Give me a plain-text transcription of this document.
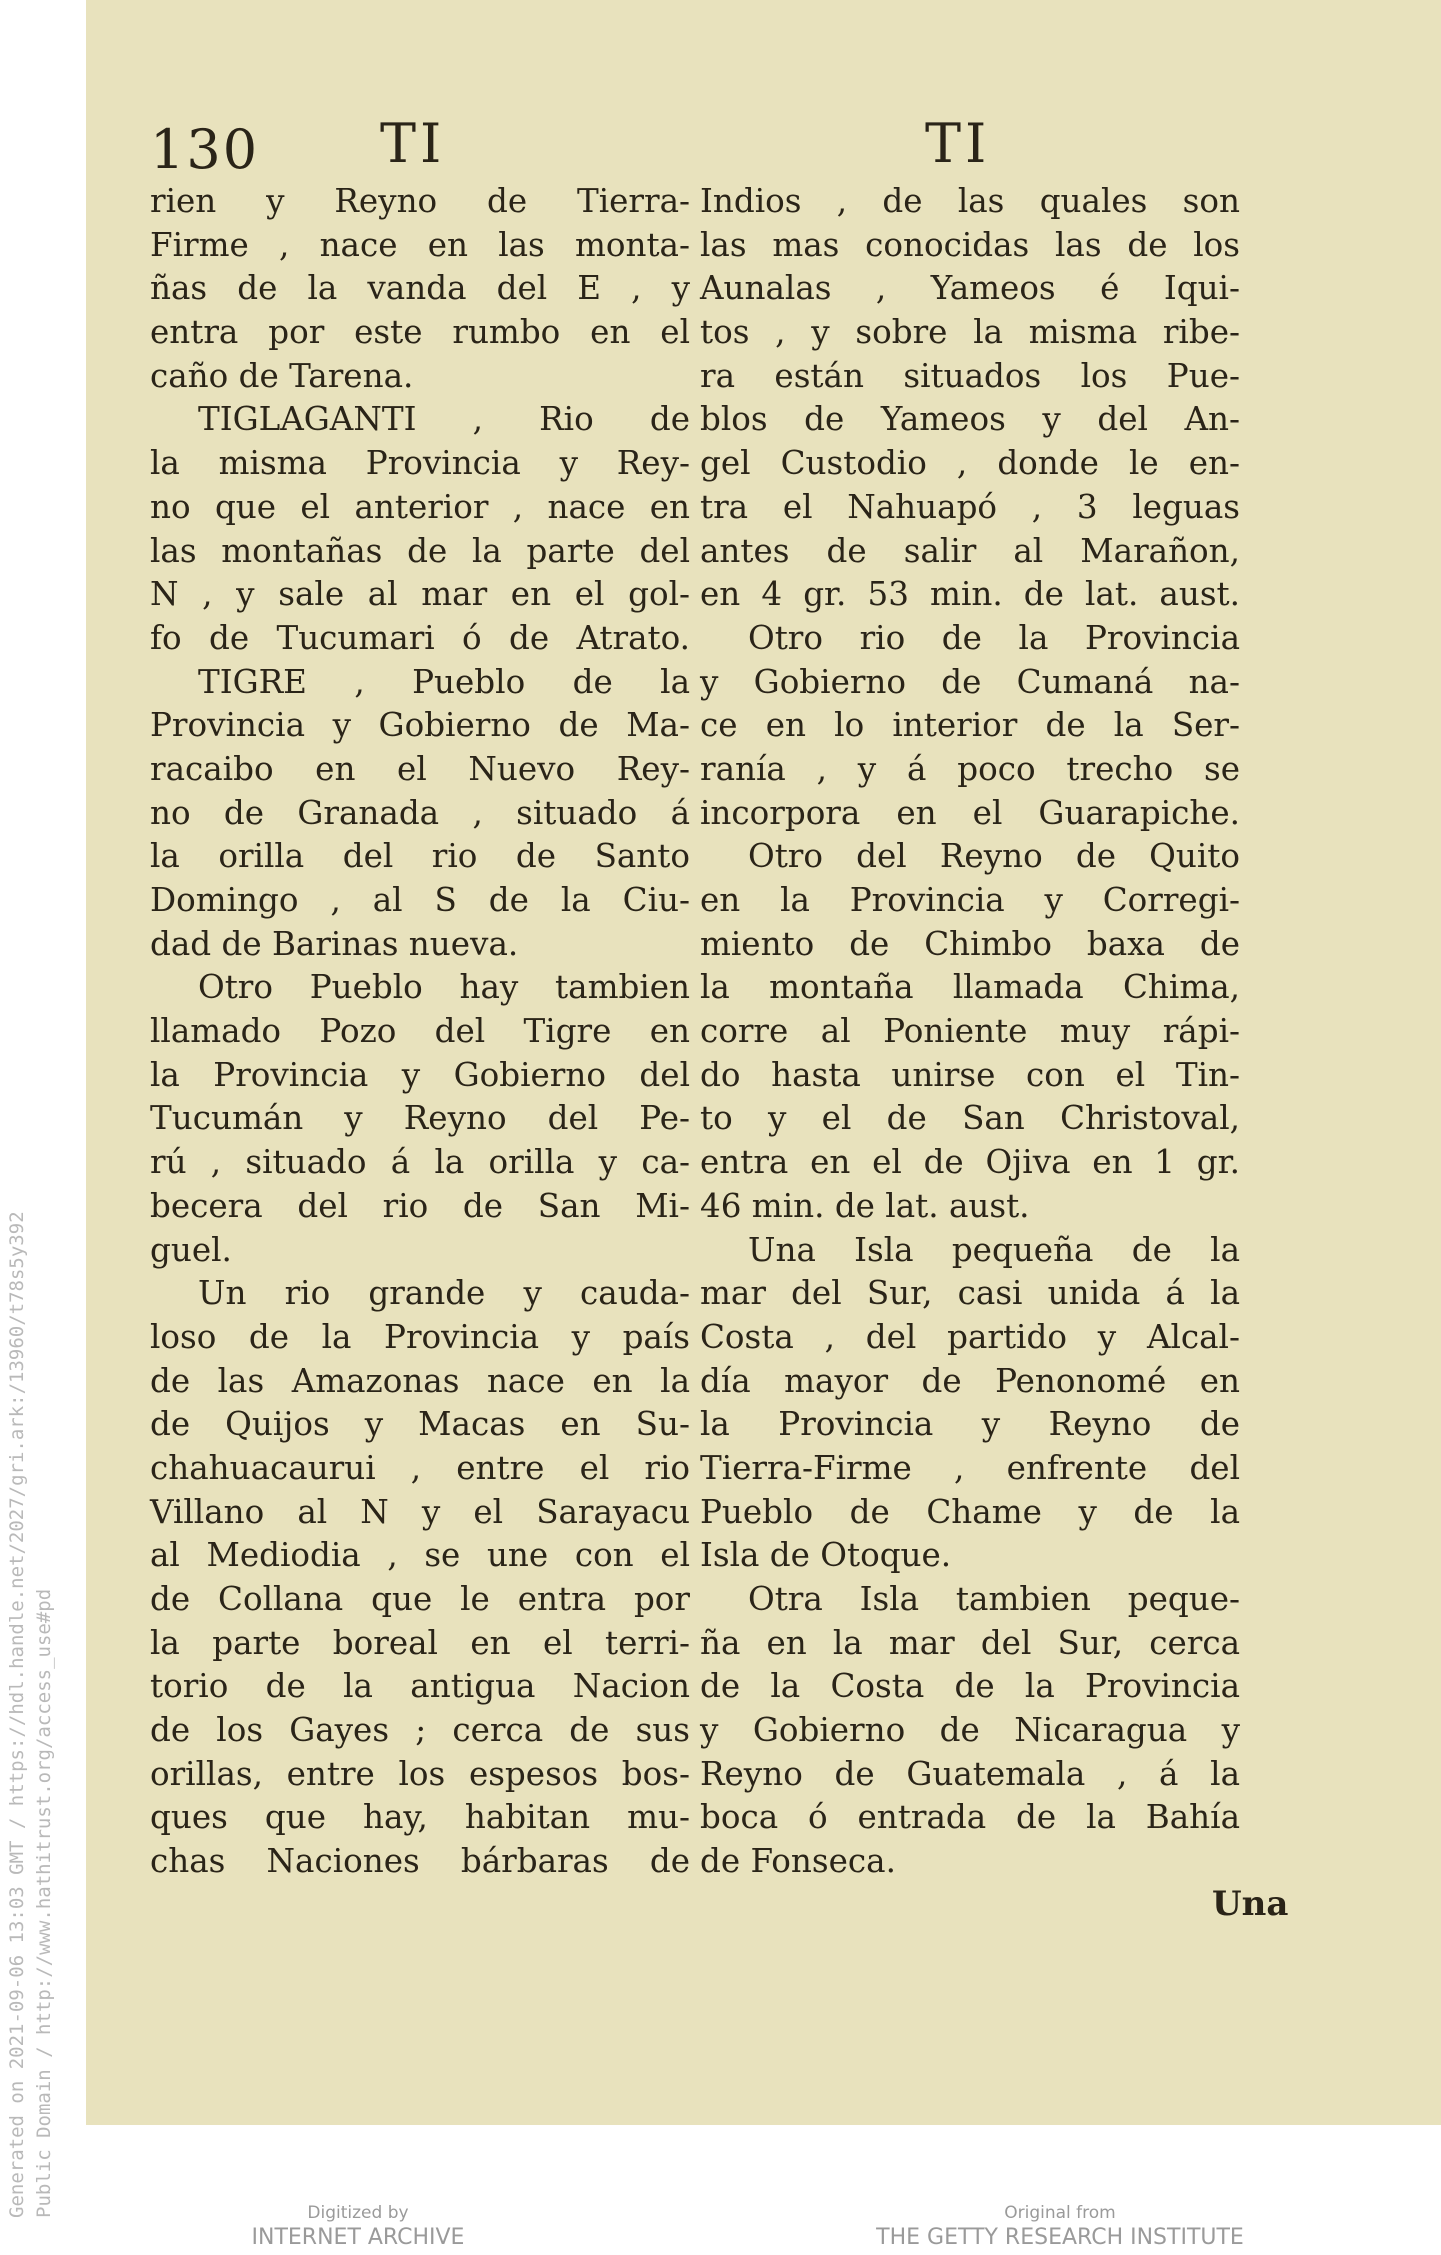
130 TI	TI
rien y Reyno de Tierra-
Firme , nace en las monta-
ñas de la vanda del E , y
entra por este rumbo en el
caño de Tarena.
TIGLAGANTI , Rio de
la misma Provincia y Rey-
no que el anterior , nace en
las montañas de la parte del
N , y sale al mar en el gol-
fo de Tucumari ó de Atrato.
TIGRE , Pueblo de la
Provincia y Gobierno de Ma-
racaibo en el Nuevo Rey-
no de Granada , situado á
la orilla del rio de Santo
Domingo , al S de la Ciu-
dad de Barinas nueva.
Otro Pueblo hay tambien
llamado Pozo del Tigre en
la Provincia y Gobierno del
Tucumán y Reyno del Pe-
rú , situado á la orilla y ca-
becera del rio de San Mi-
guel.
Un rio grande y cauda-
loso de la Provincia y país
de las Amazonas nace en la
de Quijos y Macas en Su-
chahuacaurui , entre el rio
Villano al N y el Sarayacu
al Mediodia , se une con el
de Collana que le entra por
la parte boreal en el terri-
torio de la antigua Nacion
de los Gayes ; cerca de sus
orillas, entre los espesos bos-
ques que hay, habitan mu-
chas Naciones bárbaras de
Indios , de las quales son
las mas conocidas las de los
Aunalas , Yameos é Iqui-
tos , y sobre la misma ribe-
ra están situados los Pue-
blos de Yameos y del An-
gel Custodio , donde le en-
tra el Nahuapó , 3 leguas
antes de salir al Marañon,
en 4 gr. 53 min. de lat. aust.
Otro rio de la Provincia
y Gobierno de Cumaná na-
ce en lo interior de la Ser-
ranía , y á poco trecho se
incorpora en el Guarapiche.
Otro del Reyno de Quito
en la Provincia y Corregi-
miento de Chimbo baxa de
la montaña llamada Chima,
corre al Poniente muy rápi-
do hasta unirse con el Tin-
to y el de San Christoval,
entra en el de Ojiva en 1 gr.
46 min. de lat. aust.
Una Isla pequeña de la
mar del Sur, casi unida á la
Costa , del partido y Alcal-
día mayor de Penonomé en
la Provincia y Reyno de
Tierra-Firme , enfrente del
Pueblo de Chame y de la
Isla de Otoque.
Otra Isla tambien peque-
ña en la mar del Sur, cerca
de la Costa de la Provincia
y Gobierno de Nicaragua y
Reyno de Guatemala , á la
boca ó entrada de la Bahía
de Fonseca.
Una
Generated on 2021-09-06 13:03 GMT / https://hdl.handle.net/2027/gri.ark:/13960/t78s5y392 Public Domain / http://www.hathitrust.org/access_use#pd	Digitized by
INTERNET ARCHIVE
Original from
THE GETTY RESEARCH INSTITUTE
